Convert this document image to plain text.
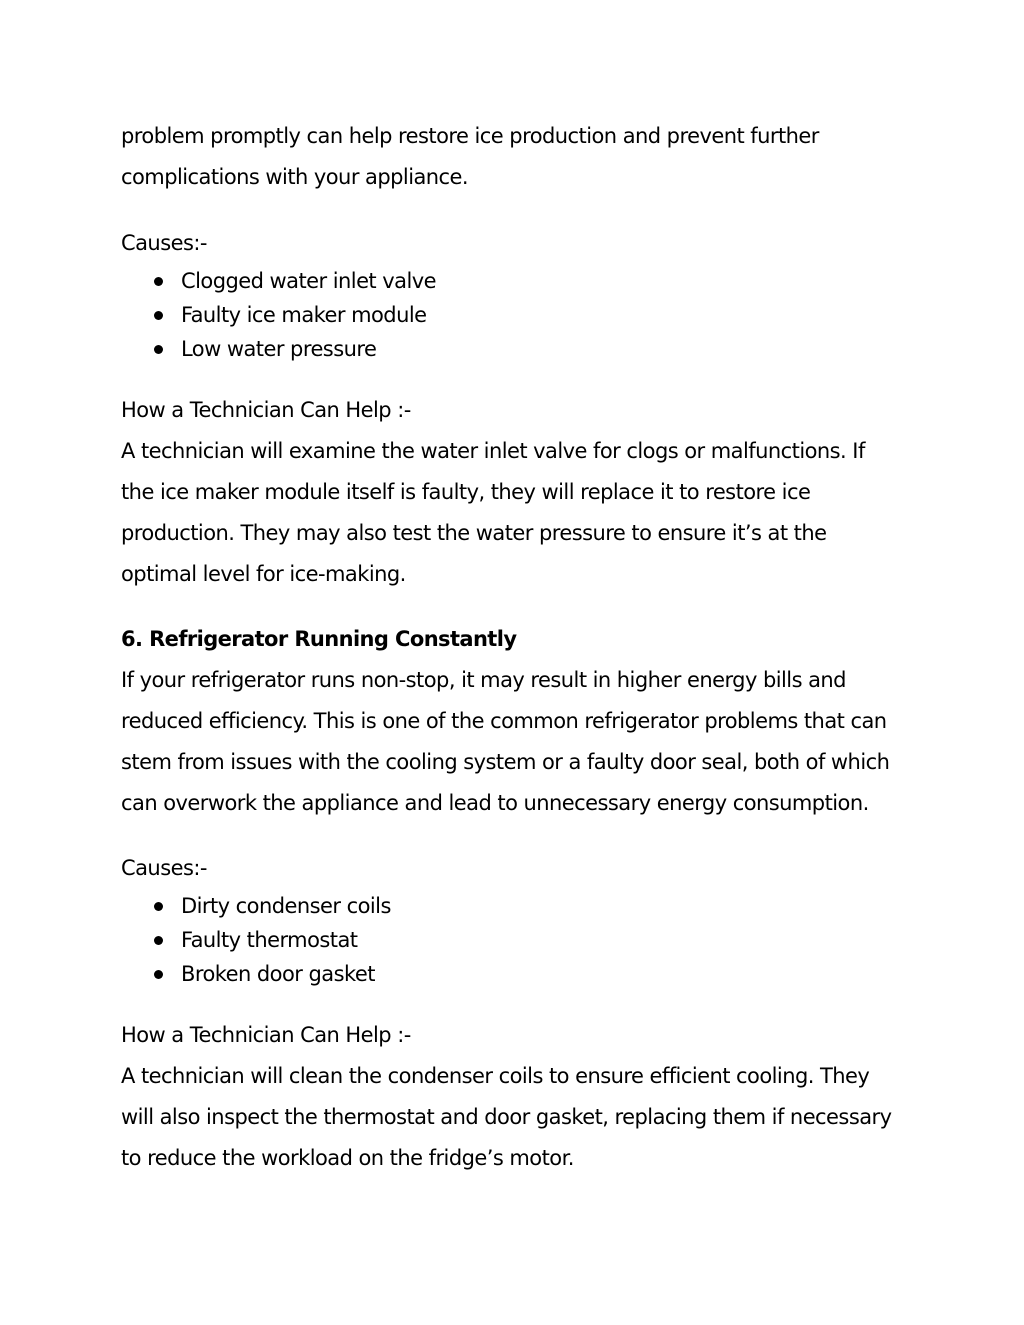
problem promptly can help restore ice production and prevent further
complications with your appliance.

Causes:-

Clogged water inlet valve
Faulty ice maker module
Low water pressure

How a Technician Can Help :-

A technician will examine the water inlet valve for clogs or malfunctions. If
the ice maker module itself is faulty, they will replace it to restore ice
production. They may also test the water pressure to ensure it’s at the
optimal level for ice-making.

6. Refrigerator Running Constantly

If your refrigerator runs non-stop, it may result in higher energy bills and
reduced efficiency. This is one of the common refrigerator problems that can
stem from issues with the cooling system or a faulty door seal, both of which
can overwork the appliance and lead to unnecessary energy consumption.

Causes:-

Dirty condenser coils
Faulty thermostat
Broken door gasket

How a Technician Can Help :-

A technician will clean the condenser coils to ensure efficient cooling. They
will also inspect the thermostat and door gasket, replacing them if necessary
to reduce the workload on the fridge’s motor.
